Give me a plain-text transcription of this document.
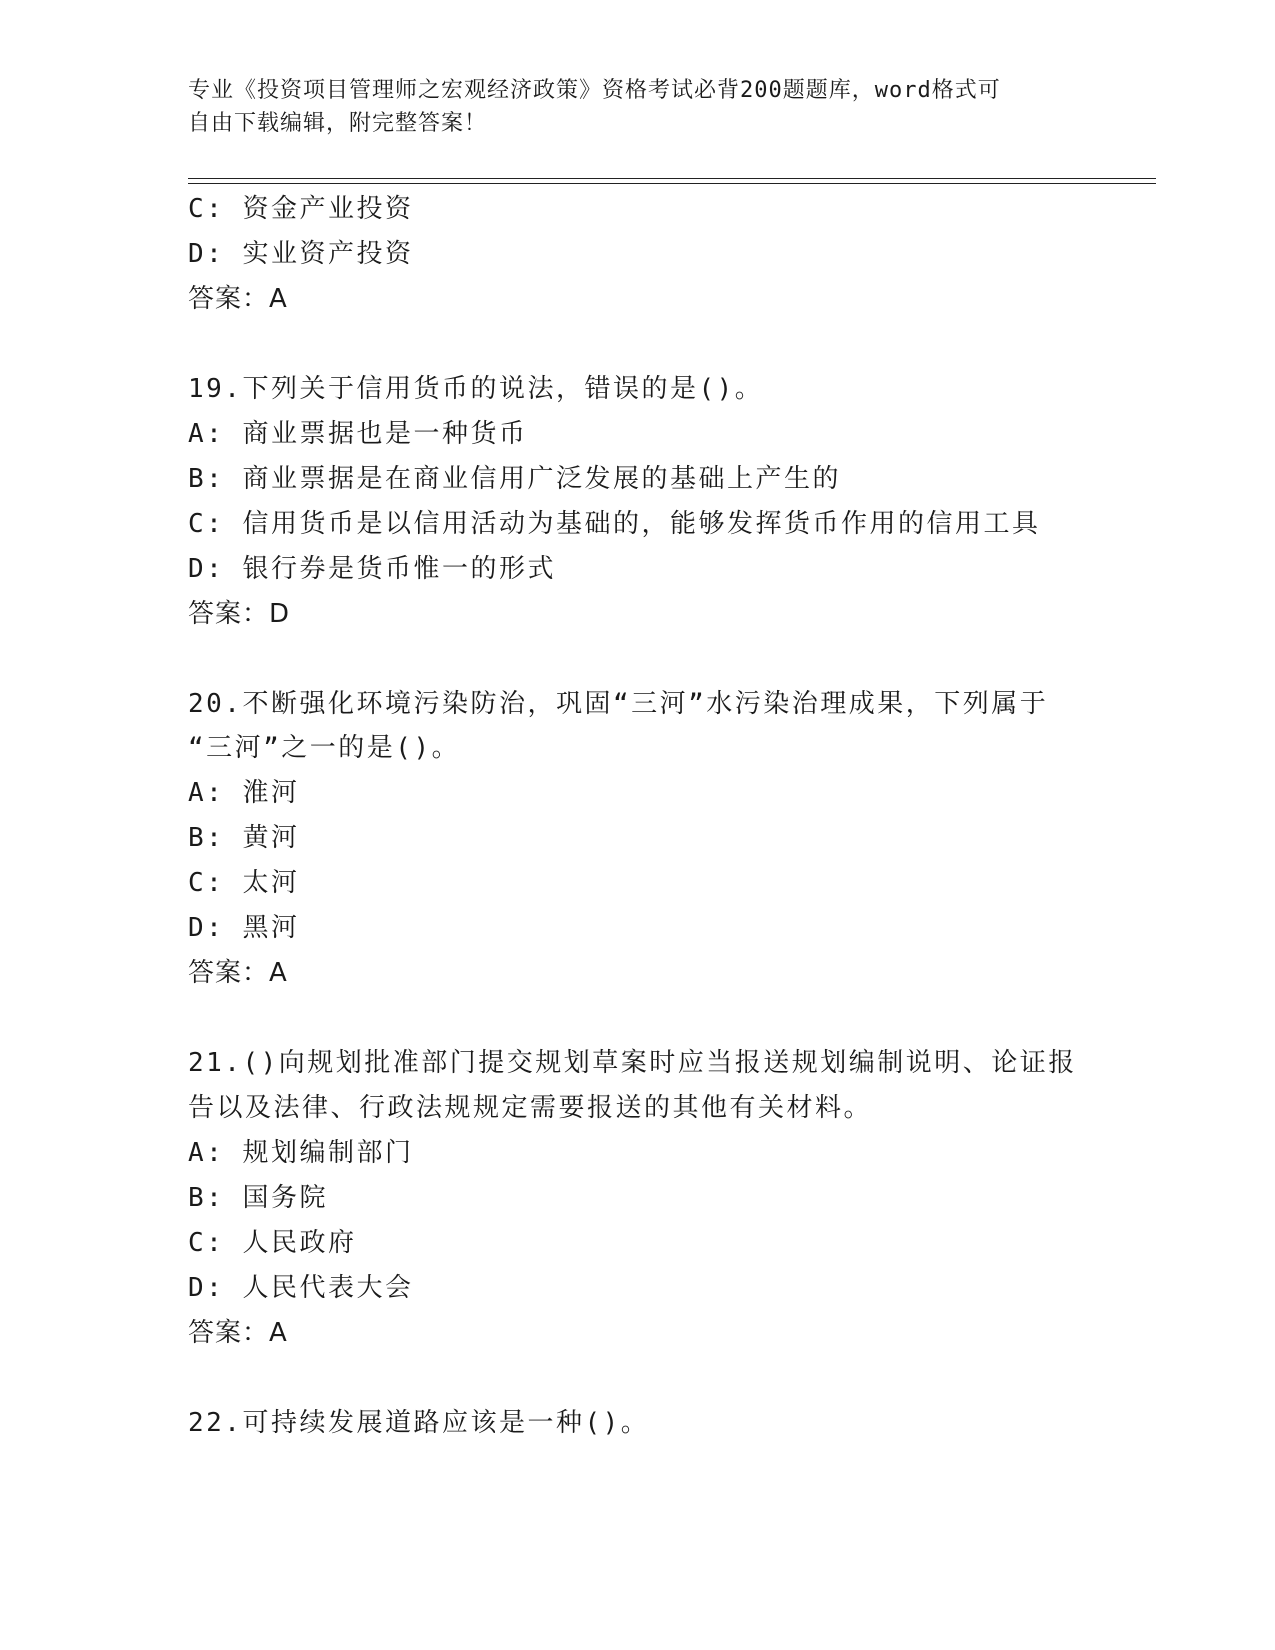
专业《投资项目管理师之宏观经济政策》资格考试必背200题题库，word格式可
自由下载编辑，附完整答案！
C: 资金产业投资
D: 实业资产投资
答案：A
19.下列关于信用货币的说法，错误的是()。
A: 商业票据也是一种货币
B: 商业票据是在商业信用广泛发展的基础上产生的
C: 信用货币是以信用活动为基础的，能够发挥货币作用的信用工具
D: 银行券是货币惟一的形式
答案：D
20.不断强化环境污染防治，巩固“三河”水污染治理成果，下列属于
“三河”之一的是()。
A: 淮河
B: 黄河
C: 太河
D: 黑河
答案：A
21.()向规划批准部门提交规划草案时应当报送规划编制说明、论证报
告以及法律、行政法规规定需要报送的其他有关材料。
A: 规划编制部门
B: 国务院
C: 人民政府
D: 人民代表大会
答案：A
22.可持续发展道路应该是一种()。
